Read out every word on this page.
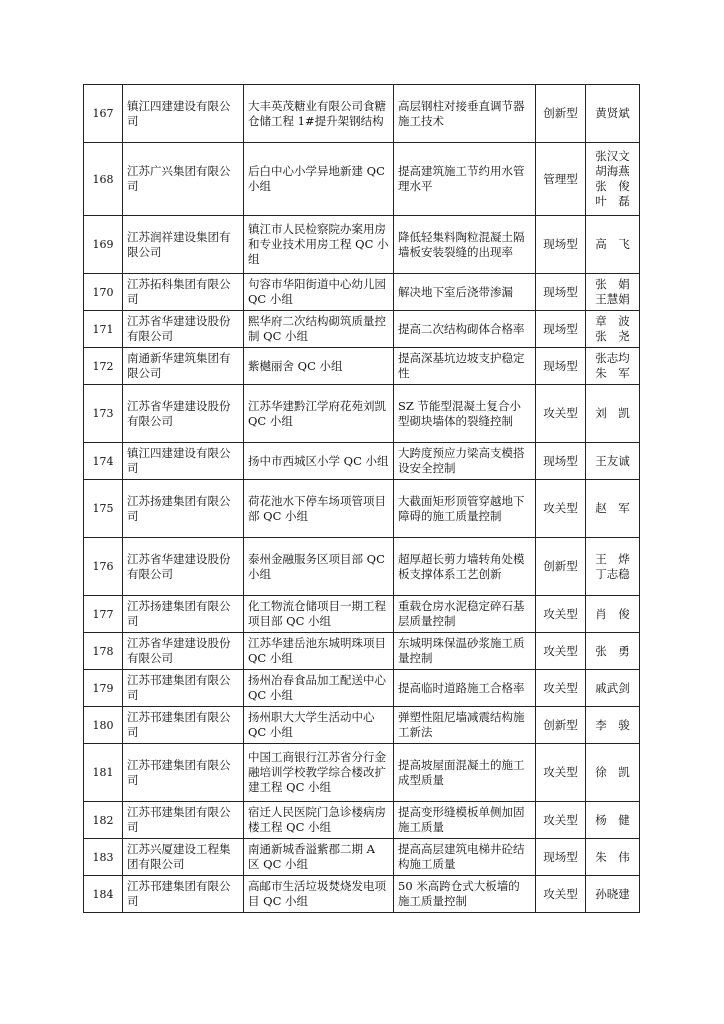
167	镇江四建建设有限公司	大丰英茂糖业有限公司食糖仓储工程 1#提升架钢结构	高层钢柱对接垂直调节器施工技术	创新型	黄贤斌

168	江苏广兴集团有限公司	后白中心小学异地新建 QC 小组	提高建筑施工节约用水管理水平	管理型	张汉文
胡海燕
张　俊
叶　磊

169	江苏润祥建设集团有限公司	镇江市人民检察院办案用房和专业技术用房工程 QC 小组	降低轻集料陶粒混凝土隔墙板安装裂缝的出现率	现场型	高　飞

170	江苏拓科集团有限公司	句容市华阳街道中心幼儿园 QC 小组	解决地下室后浇带渗漏	现场型	张　娟
王慧娟

171	江苏省华建建设股份有限公司	熙华府二次结构砌筑质量控制 QC 小组	提高二次结构砌体合格率	现场型	章　波
张　尧

172	南通新华建筑集团有限公司	紫樾丽舍 QC 小组	提高深基坑边坡支护稳定性	现场型	张志均
朱　军

173	江苏省华建建设股份有限公司	江苏华建黔江学府花苑刘凯 QC 小组	SZ 节能型混凝土复合小型砌块墙体的裂缝控制	攻关型	刘　凯

174	镇江四建建设有限公司	扬中市西城区小学 QC 小组	大跨度预应力梁高支模搭设安全控制	现场型	王友诚

175	江苏扬建集团有限公司	荷花池水下停车场项管项目部 QC 小组	大截面矩形顶管穿越地下障碍的施工质量控制	攻关型	赵　军

176	江苏省华建建设股份有限公司	泰州金融服务区项目部 QC 小组	超厚超长剪力墙转角处模板支撑体系工艺创新	创新型	王　烨
丁志稳

177	江苏扬建集团有限公司	化工物流仓储项目一期工程项目部 QC 小组	重载仓房水泥稳定碎石基层质量控制	攻关型	肖　俊

178	江苏省华建建设股份有限公司	江苏华建岳池东城明珠项目 QC 小组	东城明珠保温砂浆施工质量控制	攻关型	张　勇

179	江苏邗建集团有限公司	扬州冶春食品加工配送中心 QC 小组	提高临时道路施工合格率	攻关型	戚武剑

180	江苏邗建集团有限公司	扬州职大大学生活动中心 QC 小组	弹塑性阻尼墙减震结构施工新法	创新型	李　骏

181	江苏邗建集团有限公司	中国工商银行江苏省分行金融培训学校教学综合楼改扩建工程 QC 小组	提高坡屋面混凝土的施工成型质量	攻关型	徐　凯

182	江苏邗建集团有限公司	宿迁人民医院门急诊楼病房楼工程 QC 小组	提高变形缝模板单侧加固施工质量	攻关型	杨　健

183	江苏兴厦建设工程集团有限公司	南通新城香溢紫郡二期 A 区 QC 小组	提高高层建筑电梯井砼结构施工质量	现场型	朱　伟

184	江苏邗建集团有限公司	高邮市生活垃圾焚烧发电项目 QC 小组	50 米高跨仓式大板墙的施工质量控制	攻关型	孙晓建
